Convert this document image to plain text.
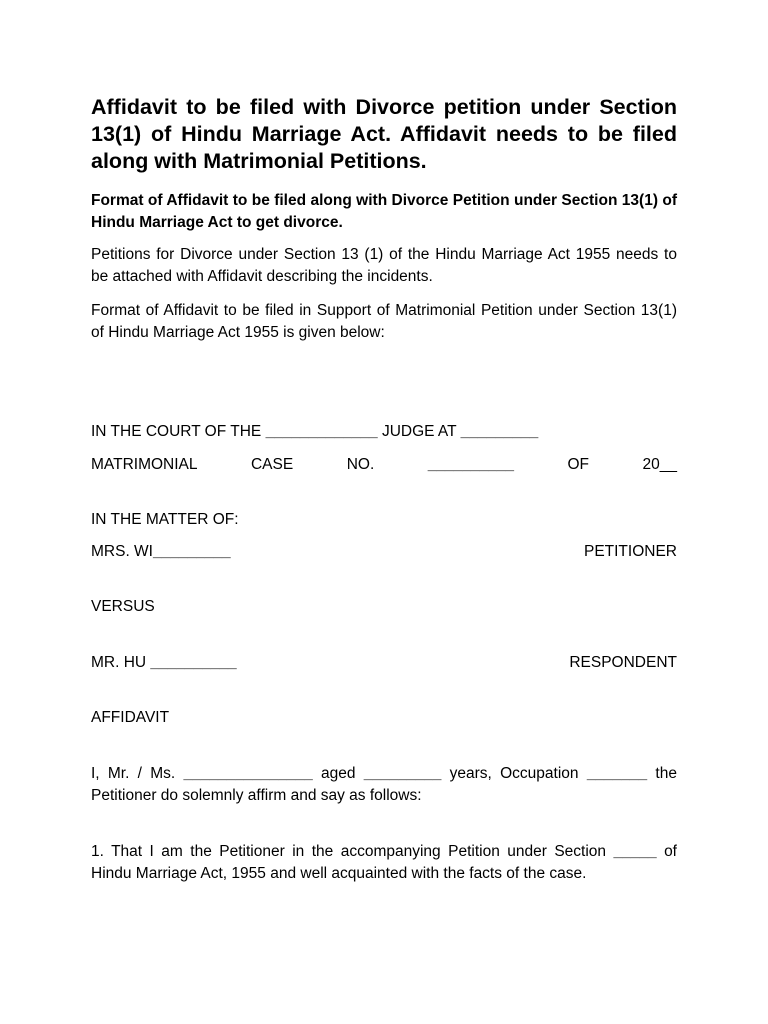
Affidavit to be filed with Divorce petition under Section 13(1) of Hindu Marriage Act. Affidavit needs to be filed along with Matrimonial Petitions.

Format of Affidavit to be filed along with Divorce Petition under Section 13(1) of Hindu Marriage Act to get divorce.

Petitions for Divorce under Section 13 (1) of the Hindu Marriage Act 1955 needs to be attached with Affidavit describing the incidents.

Format of Affidavit to be filed in Support of Matrimonial Petition under Section 13(1) of Hindu Marriage Act 1955 is given below:

IN THE COURT OF THE _____________ JUDGE AT _________
MATRIMONIAL	CASE	NO.	__________	OF	20__
IN THE MATTER OF:
MRS. WI_________	PETITIONER
VERSUS
MR. HU __________	RESPONDENT
AFFIDAVIT

I, Mr. / Ms. _______________ aged _________ years, Occupation _______ the Petitioner do solemnly affirm and say as follows:

1. That I am the Petitioner in the accompanying Petition under Section _____ of Hindu Marriage Act, 1955 and well acquainted with the facts of the case.
